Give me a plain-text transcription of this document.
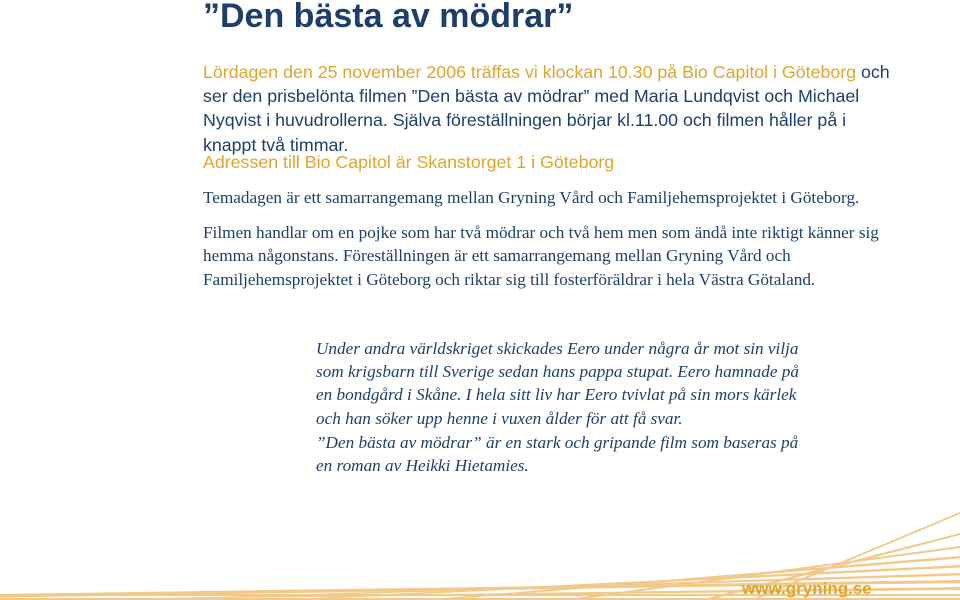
”Den bästa av mödrar”

Lördagen den 25 november 2006 träffas vi klockan 10.30 på Bio Capitol i Göteborg och ser den prisbelönta filmen ”Den bästa av mödrar” med Maria Lundqvist och Michael Nyqvist i huvudrollerna. Själva föreställningen börjar kl.11.00 och filmen håller på i knappt två timmar.

Adressen till Bio Capitol är Skanstorget 1 i Göteborg

Temadagen är ett samarrangemang mellan Gryning Vård och Familjehemsprojektet i Göteborg.

Filmen handlar om en pojke som har två mödrar och två hem men som ändå inte riktigt känner sig hemma någonstans. Föreställningen är ett samarrangemang mellan Gryning Vård och Familjehemsprojektet i Göteborg och riktar sig till fosterföräldrar i hela Västra Götaland.

Under andra världskriget skickades Eero under några år mot sin vilja som krigsbarn till Sverige sedan hans pappa stupat. Eero hamnade på en bondgård i Skåne. I hela sitt liv har Eero tvivlat på sin mors kärlek och han söker upp henne i vuxen ålder för att få svar.

”Den bästa av mödrar” är en stark och gripande film som baseras på en roman av Heikki Hietamies.

www.gryning.se
